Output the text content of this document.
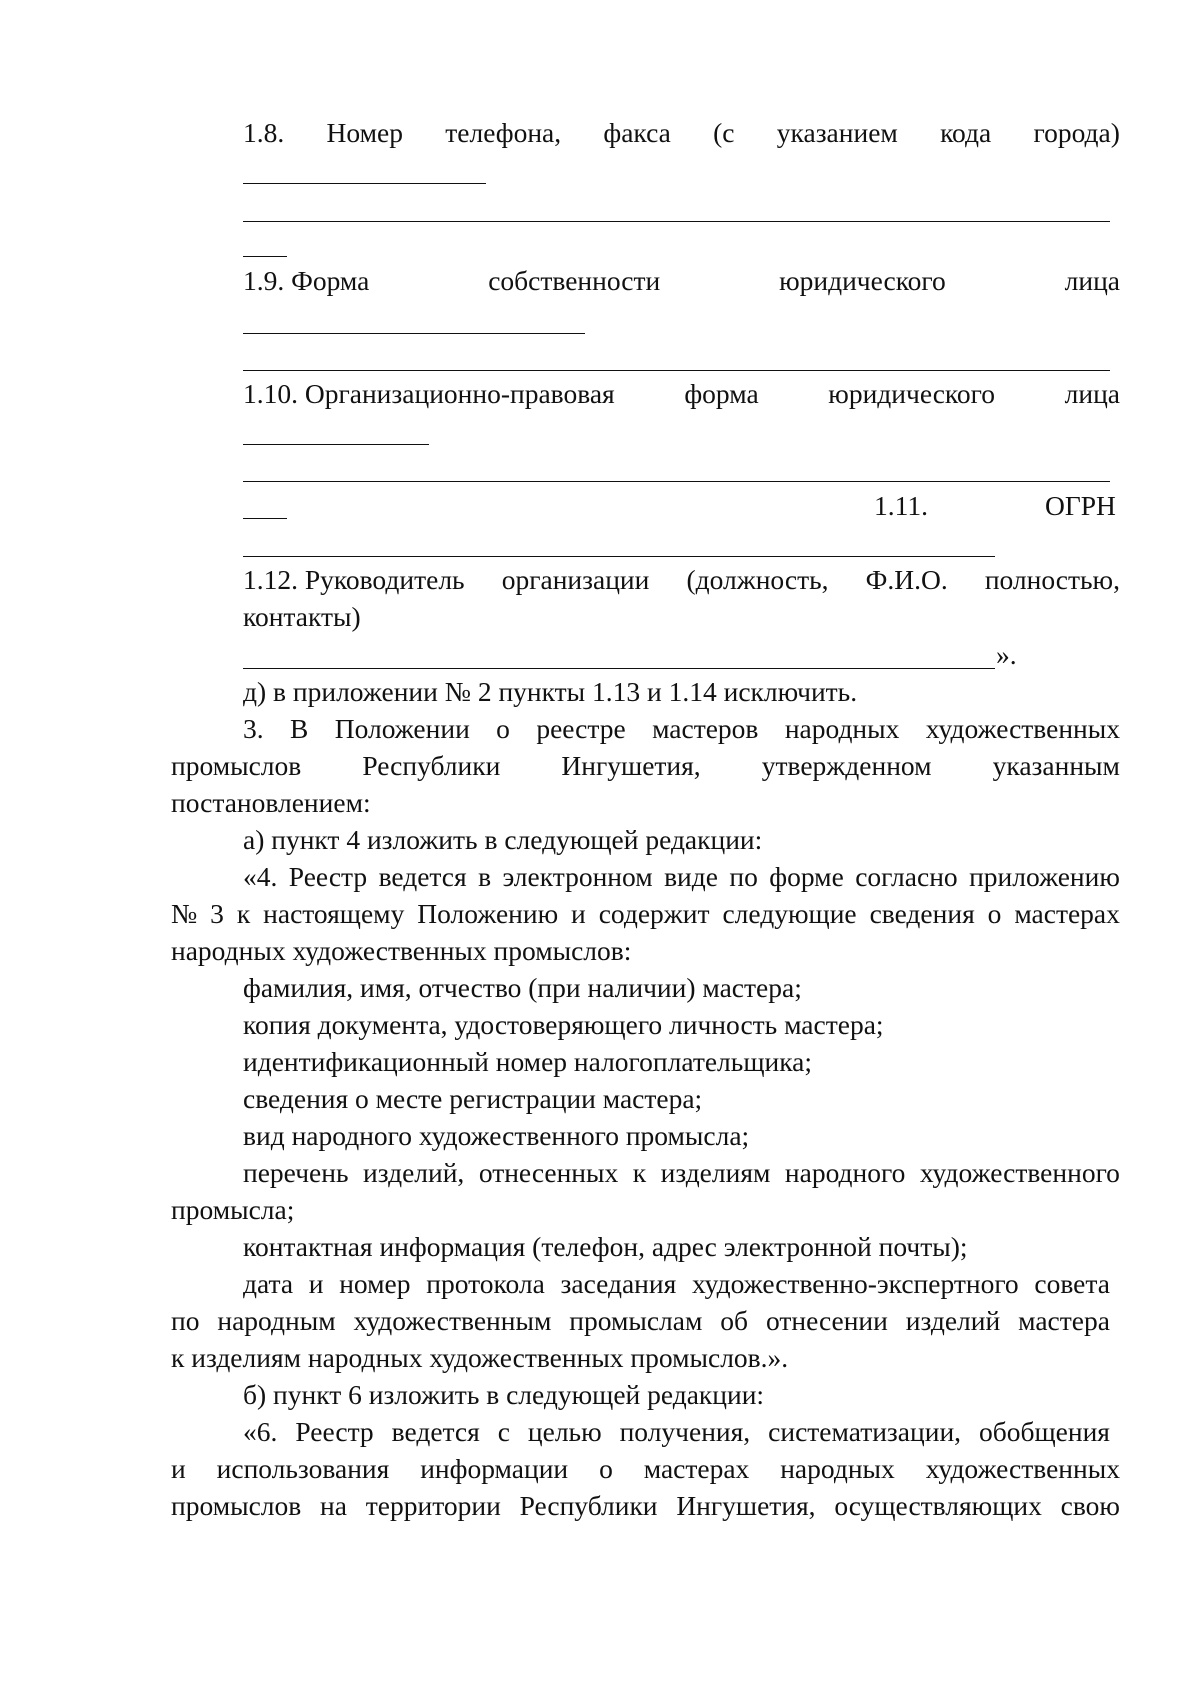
1.8. Номер телефона, факса (с указанием кода города)
1.9. Форма	собственности	юридического	лица
1.10. Организационно-правовая	форма	юридического	лица
1.11.	ОГРН
1.12. Руководитель организации (должность, Ф.И.О. полностью,
контакты)
».
д) в приложении № 2 пункты 1.13 и 1.14 исключить.
3. В Положении о реестре мастеров народных художественных
промыслов Республики Ингушетия, утвержденном указанным
постановлением:
а) пункт 4 изложить в следующей редакции:
«4. Реестр ведется в электронном виде по форме согласно приложению
№ 3 к настоящему Положению и содержит следующие сведения о мастерах
народных художественных промыслов:
фамилия, имя, отчество (при наличии) мастера;
копия документа, удостоверяющего личность мастера;
идентификационный номер налогоплательщика;
сведения о месте регистрации мастера;
вид народного художественного промысла;
перечень изделий, отнесенных к изделиям народного художественного
промысла;
контактная информация (телефон, адрес электронной почты);
дата и номер протокола заседания художественно-экспертного совета
по народным художественным промыслам об отнесении изделий мастера
к изделиям народных художественных промыслов.».
б) пункт 6 изложить в следующей редакции:
«6. Реестр ведется с целью получения, систематизации, обобщения
и использования информации о мастерах народных художественных
промыслов на территории Республики Ингушетия, осуществляющих свою
